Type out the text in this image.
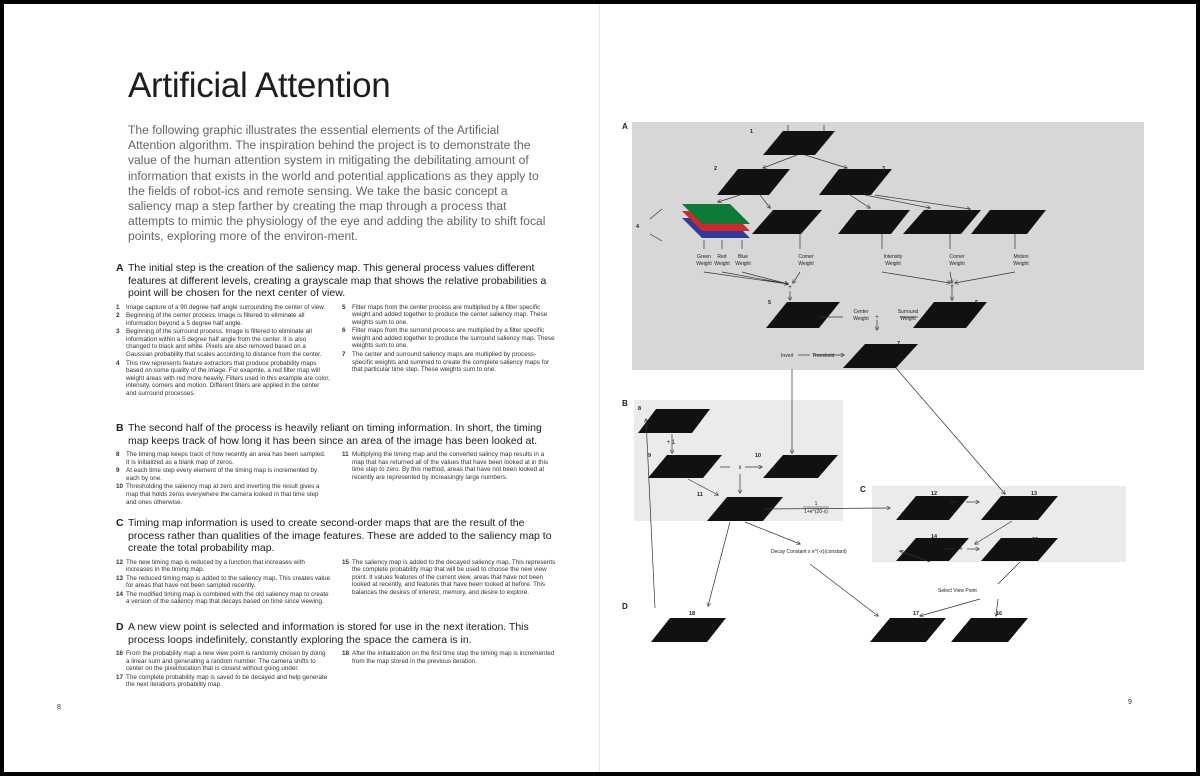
Artificial Attention

The following graphic illustrates the essential elements of the Artificial Attention algorithm. The inspiration behind the project is to demonstrate the value of the human attention system in mitigating the debilitating amount of information that exists in the world and potential applications as they apply to the fields of robot-ics and remote sensing. We take the basic concept a saliency map a step farther by creating the map through a process that attempts to mimic the physiology of the eye and adding the ability to shift focal points, exploring more of the environ-ment.

A The initial step is the creation of the saliency map. This general process values different features at different levels, creating a grayscale map that shows the relative probabilities a point will be chosen for the next center of view.
1	Image capture of a 90 degree half angle surrounding the center of view.
2	Beginning of the center process. Image is filtered to eliminate all information beyond a 5 degree half angle.
3	Beginning of the surround process. Image is filtered to eliminate all information within a 5 degree half angle from the center. It is also changed to black and white. Pixels are also removed based on a Gaussian probability that scales according to distance from the center.
4	This row represents feature extractors that produce probability maps based on some quality of the image. For exapmle, a red filter map will weight areas with red more heavily. Filters used in this example are color, intensity, corners and motion. Different filters are applied in the center and surround processes.
5	Filter maps from the center process are multiplied by a filter specific weight and added together to produce the center saliency map. These weights sum to one.
6	Filter maps from the surrond process are multiplied by a filter specific weight and added together to produce the surround saliency map. These weights sum to one.
7	The center and surround saliency maps are multiplied by process-specific weights and summed to create the complete saliency maps for that particular time step. These weights sum to one.
B The second half of the process is heavily reliant on timing information. In short, the timing map keeps track of how long it has been since an area of the image has been looked at.
8	The timing map keeps track of how recently an area has been sampled. It is initialized as a blank map of zeros.
9	At each time step every element of the timing map is incremented by each by one.
10 Thresholding the saliency map at zero and inverting the result gives a map that holds zeros everywhere the camera looked in that time step and ones otherwise.
11 Multiplying the timing map and the converted salincy map results in a map that has returned all of the values that have been looked at in this time step to zero. By this method, areas that have not been looked at recently are represented by increasingly large numbers.
C Timing map information is used to create second-order maps that are the result of the process rather than qualities of the image features. These are added to the saliency map to create the total probability map.
12 The new timing map is reduced by a function that increases with increases in the timing map.
13 The reduced timing map is added to the saliency map. This creates value for areas that have not been sampled recently.
14 The modified timing map is combined with the old saliency map to create a version of the saliency map that decays based on time since viewing.
15 The saliency map is added to the decayed saliency map. This represents the complete probability map that will be used to choose the new view point. It values features of the current view, areas that have not been looked at recently, and features that have been looked at before. This balances the desires of interest, memory, and desire to explore.
D A new view point is selected and information is stored for use in the next iteration. This process loops indefinitely, constantly exploring the space the camera is in.
16 From the probability map a new view point is randomly chosen by doing a linear sum and generating a random number. The camera shifts to center on the pixel/location that is closest without going under.
17 The complete probability map is saved to be decayed and help generate the next iterations probability map.
18 After the initialization on the first time step the timing map is incremented from the map stored in the previous iteration.
8
9
A
B
C
D
1
2	3
4
5	6
7
8
9	10
11	12	13
14	15
16
17
18
Green
Weight
Red
Weight
Blue
Weight
Corner
Weight
Intensity
Weight
Corner
Weight
Motion
Weight
Center
Weight
Surround
Weight
+	+
+
+ 1
x
+
+
Invert	Threshold
1
1+e^(20-x)
Decay Constant x e^(-x)(constant)
Select View Point
